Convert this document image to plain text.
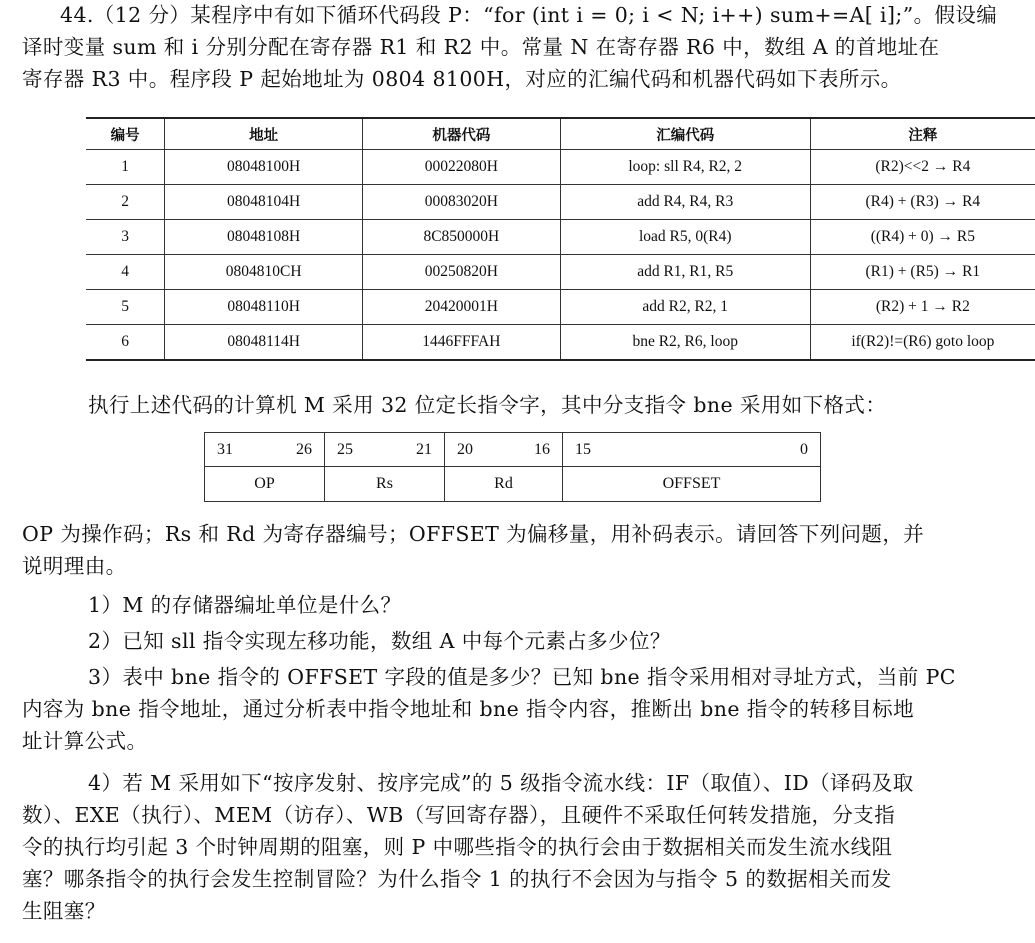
44.（12 分）某程序中有如下循环代码段 P：“for (int i = 0; i < N; i++) sum+=A[ i];”。假设编
译时变量 sum 和 i 分别分配在寄存器 R1 和 R2 中。常量 N 在寄存器 R6 中，数组 A 的首地址在
寄存器 R3 中。程序段 P 起始地址为 0804 8100H，对应的汇编代码和机器代码如下表所示。
编号	地址	机器代码	汇编代码	注释
1	08048100H	00022080H	loop: sll R4, R2, 2	(R2)<<2 → R4
2	08048104H	00083020H	add R4, R4, R3	(R4) + (R3) → R4
3	08048108H	8C850000H	load R5, 0(R4)	((R4) + 0) → R5
4	0804810CH	00250820H	add R1, R1, R5	(R1) + (R5) → R1
5	08048110H	20420001H	add R2, R2, 1	(R2) + 1 → R2
6	08048114H	1446FFFAH	bne R2, R6, loop	if(R2)!=(R6) goto loop
执行上述代码的计算机 M 采用 32 位定长指令字，其中分支指令 bne 采用如下格式：
31 26	25 21	20 16	15 0

OP	Rs	Rd	OFFSET
OP 为操作码；Rs 和 Rd 为寄存器编号；OFFSET 为偏移量，用补码表示。请回答下列问题，并
说明理由。
1）M 的存储器编址单位是什么？
2）已知 sll 指令实现左移功能，数组 A 中每个元素占多少位？
3）表中 bne 指令的 OFFSET 字段的值是多少？已知 bne 指令采用相对寻址方式，当前 PC
内容为 bne 指令地址，通过分析表中指令地址和 bne 指令内容，推断出 bne 指令的转移目标地
址计算公式。
4）若 M 采用如下“按序发射、按序完成”的 5 级指令流水线：IF（取值）、ID（译码及取
数）、EXE（执行）、MEM（访存）、WB（写回寄存器），且硬件不采取任何转发措施，分支指
令的执行均引起 3 个时钟周期的阻塞，则 P 中哪些指令的执行会由于数据相关而发生流水线阻
塞？哪条指令的执行会发生控制冒险？为什么指令 1 的执行不会因为与指令 5 的数据相关而发
生阻塞？
